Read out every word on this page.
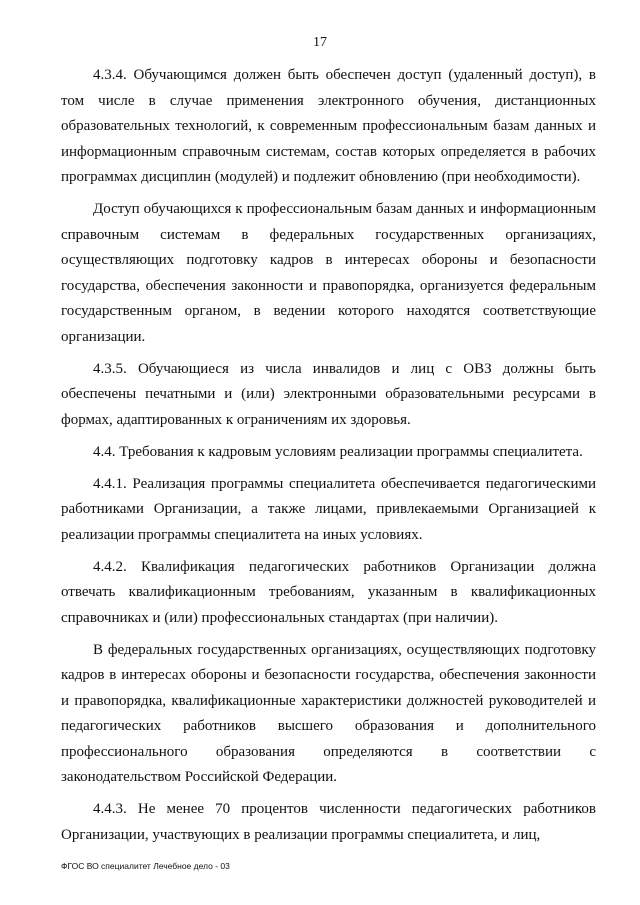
17

4.3.4. Обучающимся должен быть обеспечен доступ (удаленный доступ), в том числе в случае применения электронного обучения, дистанционных образовательных технологий, к современным профессиональным базам данных и информационным справочным системам, состав которых определяется в рабочих программах дисциплин (модулей) и подлежит обновлению (при необходимости).

Доступ обучающихся к профессиональным базам данных и информационным справочным системам в федеральных государственных организациях, осуществляющих подготовку кадров в интересах обороны и безопасности государства, обеспечения законности и правопорядка, организуется федеральным государственным органом, в ведении которого находятся соответствующие организации.

4.3.5. Обучающиеся из числа инвалидов и лиц с ОВЗ должны быть обеспечены печатными и (или) электронными образовательными ресурсами в формах, адаптированных к ограничениям их здоровья.

4.4. Требования к кадровым условиям реализации программы специалитета.

4.4.1. Реализация программы специалитета обеспечивается педагогическими работниками Организации, а также лицами, привлекаемыми Организацией к реализации программы специалитета на иных условиях.

4.4.2. Квалификация педагогических работников Организации должна отвечать квалификационным требованиям, указанным в квалификационных справочниках и (или) профессиональных стандартах (при наличии).

В федеральных государственных организациях, осуществляющих подготовку кадров в интересах обороны и безопасности государства, обеспечения законности и правопорядка, квалификационные характеристики должностей руководителей и педагогических работников высшего образования и дополнительного профессионального образования определяются в соответствии с законодательством Российской Федерации.

4.4.3. Не менее 70 процентов численности педагогических работников Организации, участвующих в реализации программы специалитета, и лиц,

ФГОС ВО специалитет Лечебное дело - 03
